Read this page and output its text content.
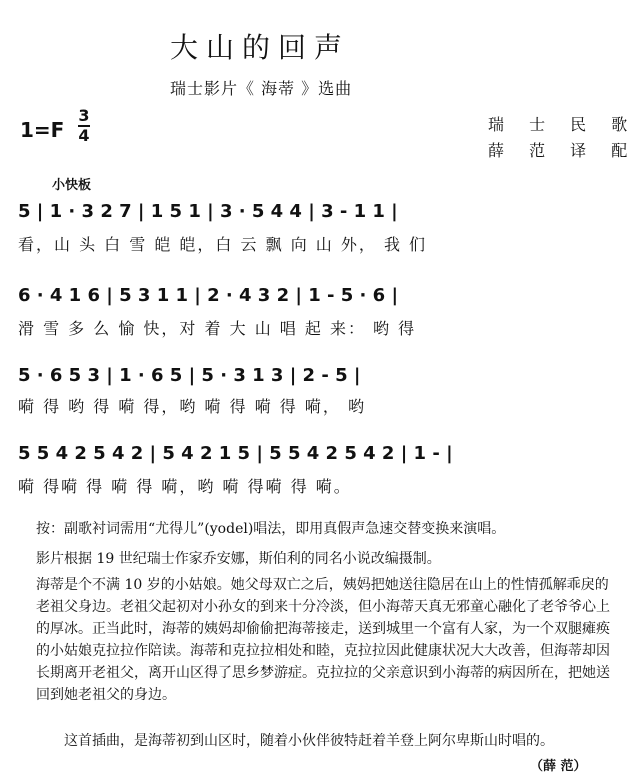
大山的回声
瑞士影片《 海蒂 》选曲
1=F
3
4
瑞 士 民 歌
薛 范 译 配
小快板
5 | 1 · 3 2 7 | 1 5 1 | 3 · 5 4 4 | 3 - 1 1 |
看，山 头 白 雪 皑 皑，白 云 飘 向 山 外， 我 们
6 · 4 1 6 | 5 3 1 1 | 2 · 4 3 2 | 1 - 5 · 6 |
滑 雪 多 么 愉 快，对 着 大 山 唱 起 来： 哟 得
5 · 6 5 3 | 1 · 6 5 | 5 · 3 1 3 | 2 - 5 |
嗬 得 哟 得 嗬 得，哟 嗬 得 嗬 得 嗬， 哟
5 5 4 2 5 4 2 | 5 4 2 1 5 | 5 5 4 2 5 4 2 | 1 - |
嗬 得嗬 得 嗬 得 嗬，哟 嗬 得嗬 得 嗬。
按：副歌衬词需用“尤得儿”(yodel)唱法，即用真假声急速交替变换来演唱。
影片根据 19 世纪瑞士作家乔安娜，斯伯利的同名小说改编摄制。
海蒂是个不满 10 岁的小姑娘。她父母双亡之后，姨妈把她送往隐居在山上的性情孤解乖戾的老祖父身边。老祖父起初对小孙女的到来十分冷淡，但小海蒂天真无邪童心融化了老爷爷心上的厚冰。正当此时，海蒂的姨妈却偷偷把海蒂接走，送到城里一个富有人家，为一个双腿瘫痪的小姑娘克拉拉作陪读。海蒂和克拉拉相处和睦，克拉拉因此健康状况大大改善，但海蒂却因长期离开老祖父，离开山区得了思乡梦游症。克拉拉的父亲意识到小海蒂的病因所在，把她送回到她老祖父的身边。
这首插曲，是海蒂初到山区时，随着小伙伴彼特赶着羊登上阿尔卑斯山时唱的。
（薛 范）
